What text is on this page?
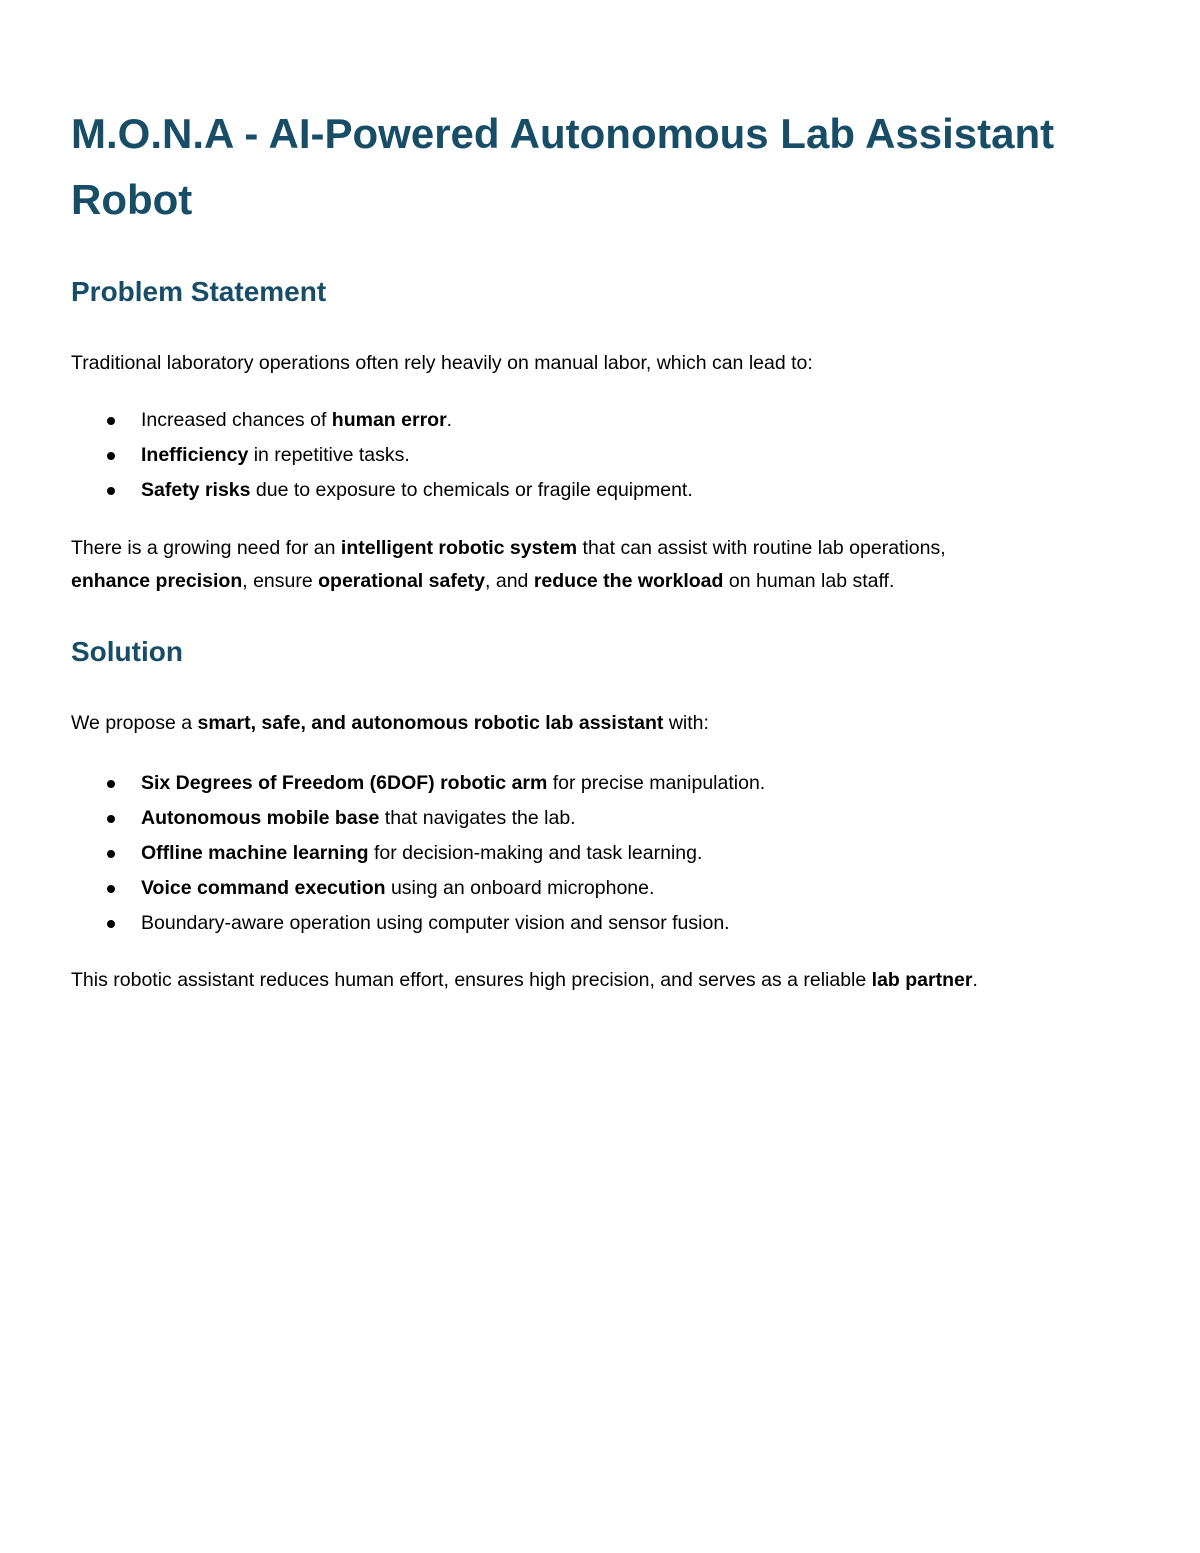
M.O.N.A - AI-Powered Autonomous Lab Assistant Robot
Problem Statement

Traditional laboratory operations often rely heavily on manual labor, which can lead to:

Increased chances of human error.
Inefficiency in repetitive tasks.
Safety risks due to exposure to chemicals or fragile equipment.

There is a growing need for an intelligent robotic system that can assist with routine lab operations,
enhance precision, ensure operational safety, and reduce the workload on human lab staff.

Solution

We propose a smart, safe, and autonomous robotic lab assistant with:

Six Degrees of Freedom (6DOF) robotic arm for precise manipulation.
Autonomous mobile base that navigates the lab.
Offline machine learning for decision-making and task learning.
Voice command execution using an onboard microphone.
Boundary-aware operation using computer vision and sensor fusion.

This robotic assistant reduces human effort, ensures high precision, and serves as a reliable lab partner.
